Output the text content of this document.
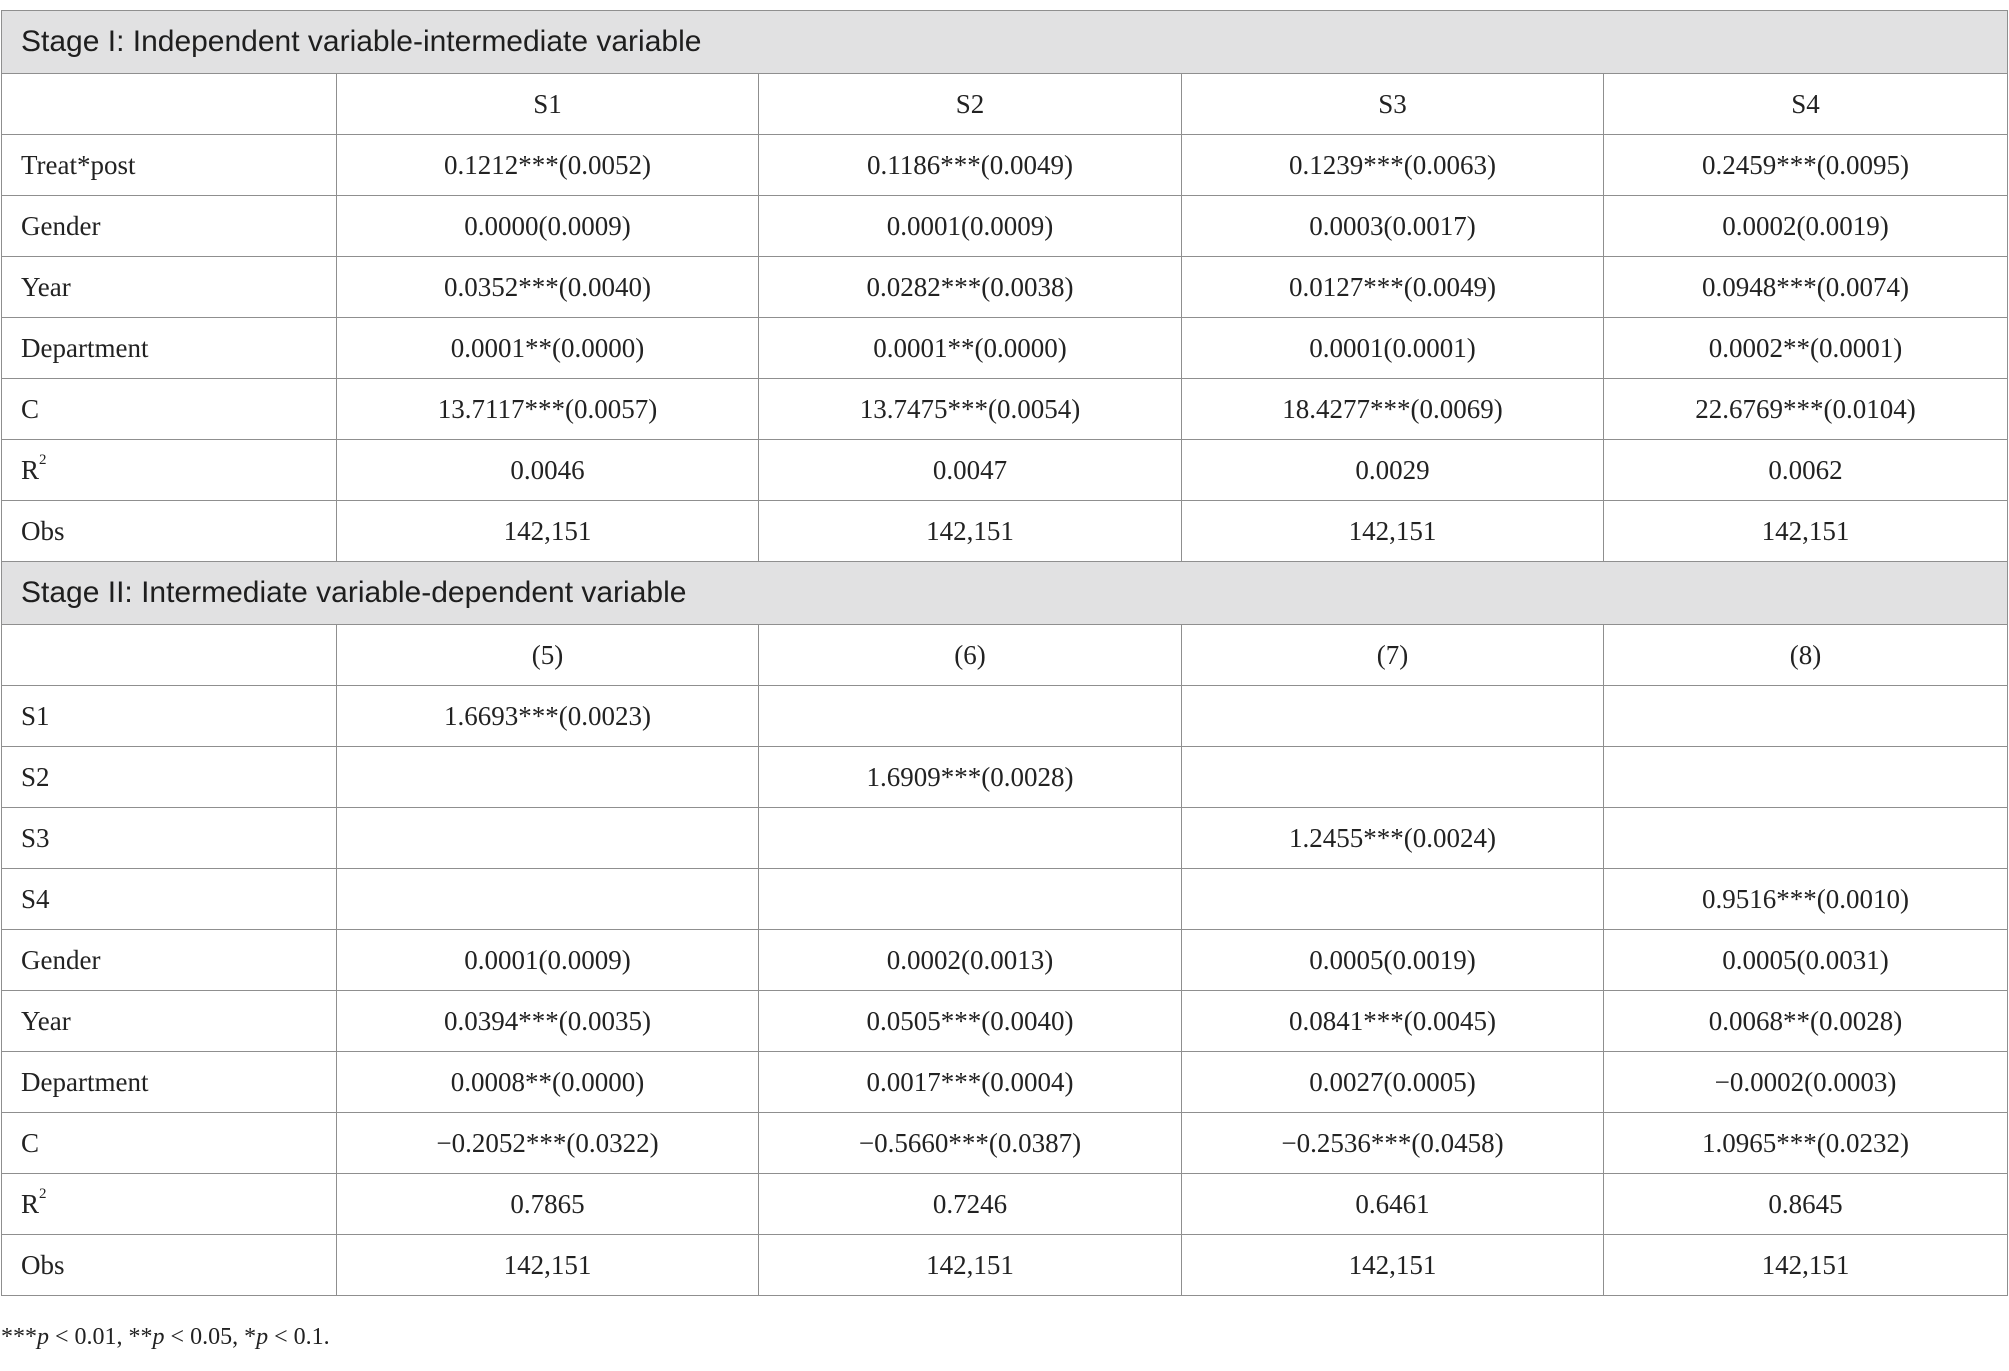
Stage I: Independent variable-intermediate variable				
	S1	S2	S3	S4
Treat*post	0.1212***(0.0052)	0.1186***(0.0049)	0.1239***(0.0063)	0.2459***(0.0095)
Gender	0.0000(0.0009)	0.0001(0.0009)	0.0003(0.0017)	0.0002(0.0019)
Year	0.0352***(0.0040)	0.0282***(0.0038)	0.0127***(0.0049)	0.0948***(0.0074)
Department	0.0001**(0.0000)	0.0001**(0.0000)	0.0001(0.0001)	0.0002**(0.0001)
C	13.7117***(0.0057)	13.7475***(0.0054)	18.4277***(0.0069)	22.6769***(0.0104)
$R^2$	0.0046	0.0047	0.0029	0.0062
Obs	142,151	142,151	142,151	142,151
Stage II: Intermediate variable-dependent variable				
	(5)	(6)	(7)	(8)
S1	1.6693***(0.0023)			
S2		1.6909***(0.0028)		
S3			1.2455***(0.0024)	
S4				0.9516***(0.0010)
Gender	0.0001(0.0009)	0.0002(0.0013)	0.0005(0.0019)	0.0005(0.0031)
Year	0.0394***(0.0035)	0.0505***(0.0040)	0.0841***(0.0045)	0.0068**(0.0028)
Department	0.0008**(0.0000)	0.0017***(0.0004)	0.0027(0.0005)	−0.0002(0.0003)
C	−0.2052***(0.0322)	−0.5660***(0.0387)	−0.2536***(0.0458)	1.0965***(0.0232)
$R^2$	0.7865	0.7246	0.6461	0.8645
Obs	142,151	142,151	142,151	142,151
***p < 0.01, **p < 0.05, *p < 0.1.
